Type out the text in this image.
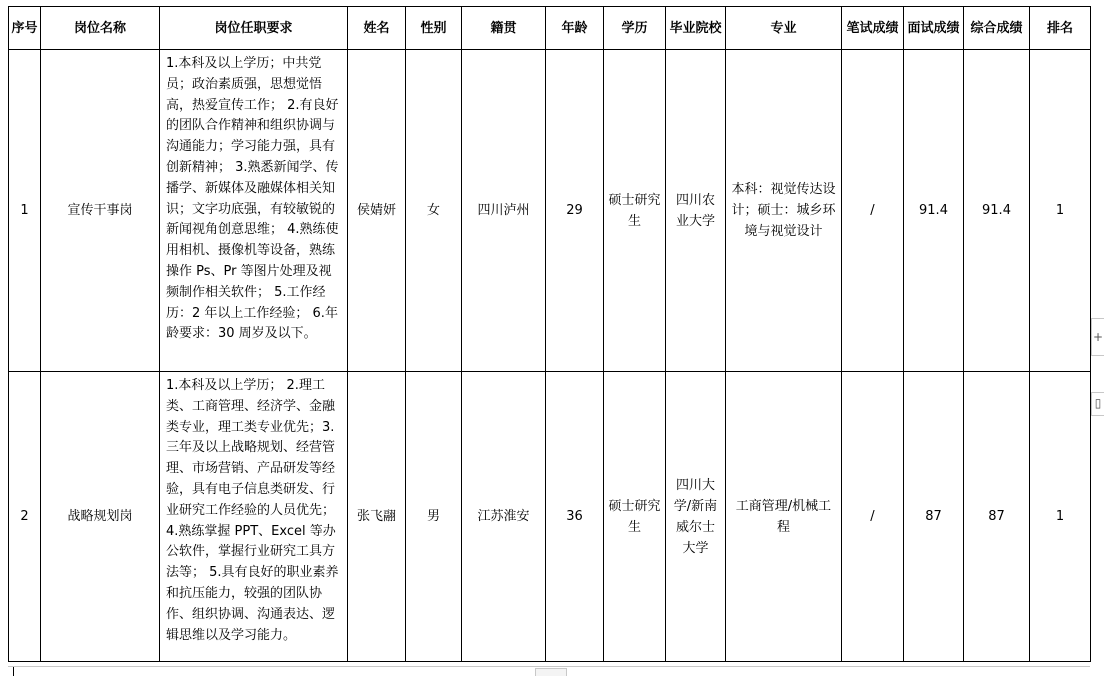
序号	岗位名称	岗位任职要求	姓名	性别	籍贯	年龄	学历	毕业院校	专业	笔试成绩	面试成绩	综合成绩	排名
1	宣传干事岗	1.本科及以上学历；中共党员；政治素质强，思想觉悟高，热爱宣传工作； 2.有良好的团队合作精神和组织协调与沟通能力；学习能力强，具有创新精神； 3.熟悉新闻学、传播学、新媒体及融媒体相关知识；文字功底强，有较敏锐的新闻视角创意思维； 4.熟练使用相机、摄像机等设备，熟练操作 Ps、Pr 等图片处理及视频制作相关软件； 5.工作经历：2 年以上工作经验； 6.年龄要求：30 周岁及以下。	侯婧妍	女	四川泸州	29	硕士研究生	四川农业大学	本科：视觉传达设计；硕士：城乡环境与视觉设计	/	91.4	91.4	1
2	战略规划岗	1.本科及以上学历； 2.理工类、工商管理、经济学、金融类专业，理工类专业优先；3.三年及以上战略规划、经营管理、市场营销、产品研发等经验，具有电子信息类研发、行业研究工作经验的人员优先； 4.熟练掌握 PPT、Excel 等办公软件，掌握行业研究工具方法等； 5.具有良好的职业素养和抗压能力，较强的团队协作、组织协调、沟通表达、逻辑思维以及学习能力。	张飞翮	男	江苏淮安	36	硕士研究生	四川大学/新南威尔士大学	工商管理/机械工程	/	87	87	1
+
▯
